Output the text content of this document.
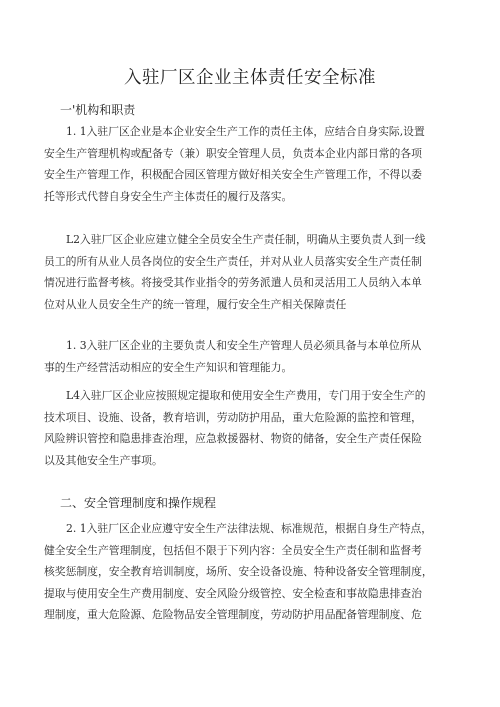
入驻厂区企业主体责任安全标准
一'机构和职责
1. 1入驻厂区企业是本企业安全生产工作的责任主体，应结合自身实际,设置
安全生产管理机构或配备专（兼）职安全管理人员，负责本企业内部日常的各项
安全生产管理工作，积极配合园区管理方做好相关安全生产管理工作，不得以委
托等形式代替自身安全生产主体责任的履行及落实。
L2入驻厂区企业应建立健全全员安全生产责任制，明确从主要负责人到一线
员工的所有从业人员各岗位的安全生产责任，并对从业人员落实安全生产责任制
情况进行监督考核。将接受其作业指令的劳务派遣人员和灵活用工人员纳入本单
位对从业人员安全生产的统一管理，履行安全生产相关保障责任
1. 3入驻厂区企业的主要负责人和安全生产管理人员必须具备与本单位所从
事的生产经营活动相应的安全生产知识和管理能力。
L4入驻厂区企业应按照规定提取和使用安全生产费用，专门用于安全生产的
技术项目、设施、设备，教育培训，劳动防护用品，重大危险源的监控和管理，
风险辨识管控和隐患排查治理，应急救援器材、物资的储备，安全生产责任保险
以及其他安全生产事项。
二、安全管理制度和操作规程
2. 1入驻厂区企业应遵守安全生产法律法规、标准规范，根据自身生产特点，
健全安全生产管理制度，包括但不限于下列内容：全员安全生产责任制和监督考
核奖惩制度，安全教育培训制度，场所、安全设备设施、特种设备安全管理制度，
提取与使用安全生产费用制度、安全风险分级管控、安全检查和事故隐患排查治
理制度，重大危险源、危险物品安全管理制度，劳动防护用品配备管理制度、危
